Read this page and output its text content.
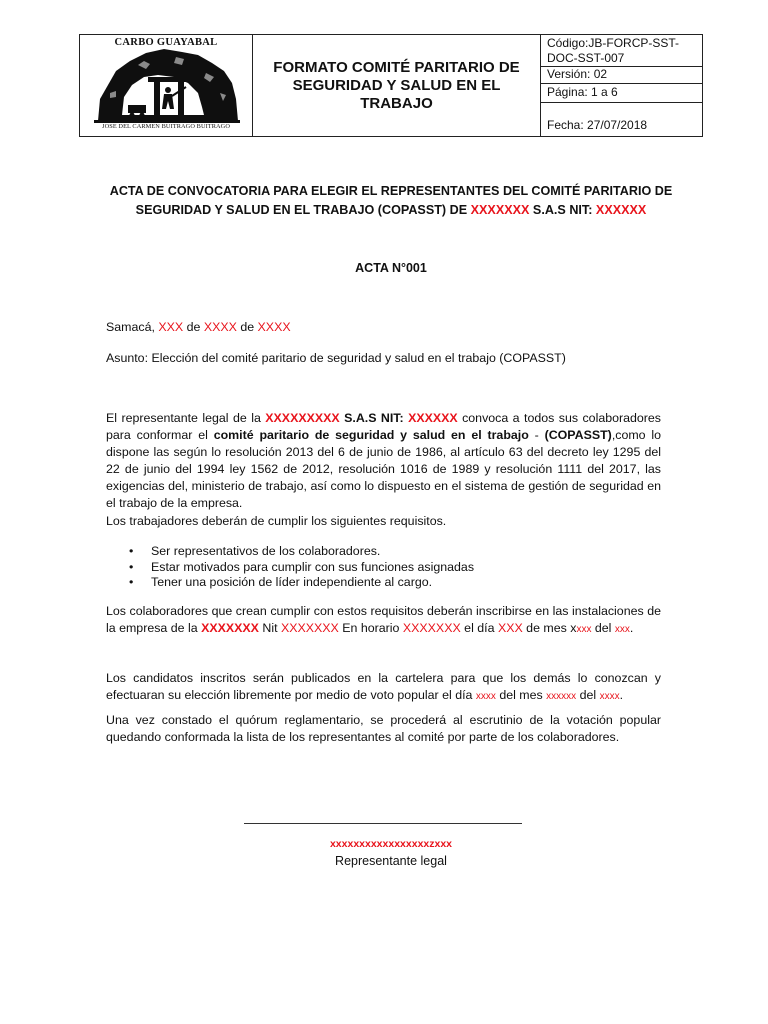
CARBO GUAYABAL
JOSE DEL CARMEN BUITRAGO BUITRAGO
FORMATO COMITÉ PARITARIO DE SEGURIDAD Y SALUD EN EL TRABAJO
Código:JB-FORCP-SST-DOC-SST-007
Versión: 02
Página: 1 a 6
Fecha: 27/07/2018
ACTA DE CONVOCATORIA PARA ELEGIR EL REPRESENTANTES DEL COMITÉ PARITARIO DE SEGURIDAD Y SALUD EN EL TRABAJO (COPASST) DE XXXXXXX S.A.S NIT: XXXXXX
ACTA N°001

Samacá, XXX de XXXX de XXXX

Asunto: Elección del comité paritario de seguridad y salud en el trabajo (COPASST)

El representante legal de la XXXXXXXXX S.A.S NIT: XXXXXX convoca a todos sus colaboradores para conformar el comité paritario de seguridad y salud en el trabajo - (COPASST),como lo dispone las según lo resolución 2013 del 6 de junio de 1986, al artículo 63 del decreto ley 1295 del 22 de junio del 1994 ley 1562 de 2012, resolución 1016 de 1989 y resolución 1111 del 2017, las exigencias del, ministerio de trabajo, así como lo dispuesto en el sistema de gestión de seguridad en el trabajo de la empresa.

Los trabajadores deberán de cumplir los siguientes requisitos.

• Ser representativos de los colaboradores.
• Estar motivados para cumplir con sus funciones asignadas
• Tener una posición de líder independiente al cargo.

Los colaboradores que crean cumplir con estos requisitos deberán inscribirse en las instalaciones de la empresa de la XXXXXXX Nit XXXXXXX En horario XXXXXXX el día XXX de mes xxxx del xxx.

Los candidatos inscritos serán publicados en la cartelera para que los demás lo conozcan y efectuaran su elección libremente por medio de voto popular el día xxxx del mes xxxxxx del xxxx.

Una vez constado el quórum reglamentario, se procederá al escrutinio de la votación popular quedando conformada la lista de los representantes al comité por parte de los colaboradores.

xxxxxxxxxxxxxxxxxzxxx
Representante legal
